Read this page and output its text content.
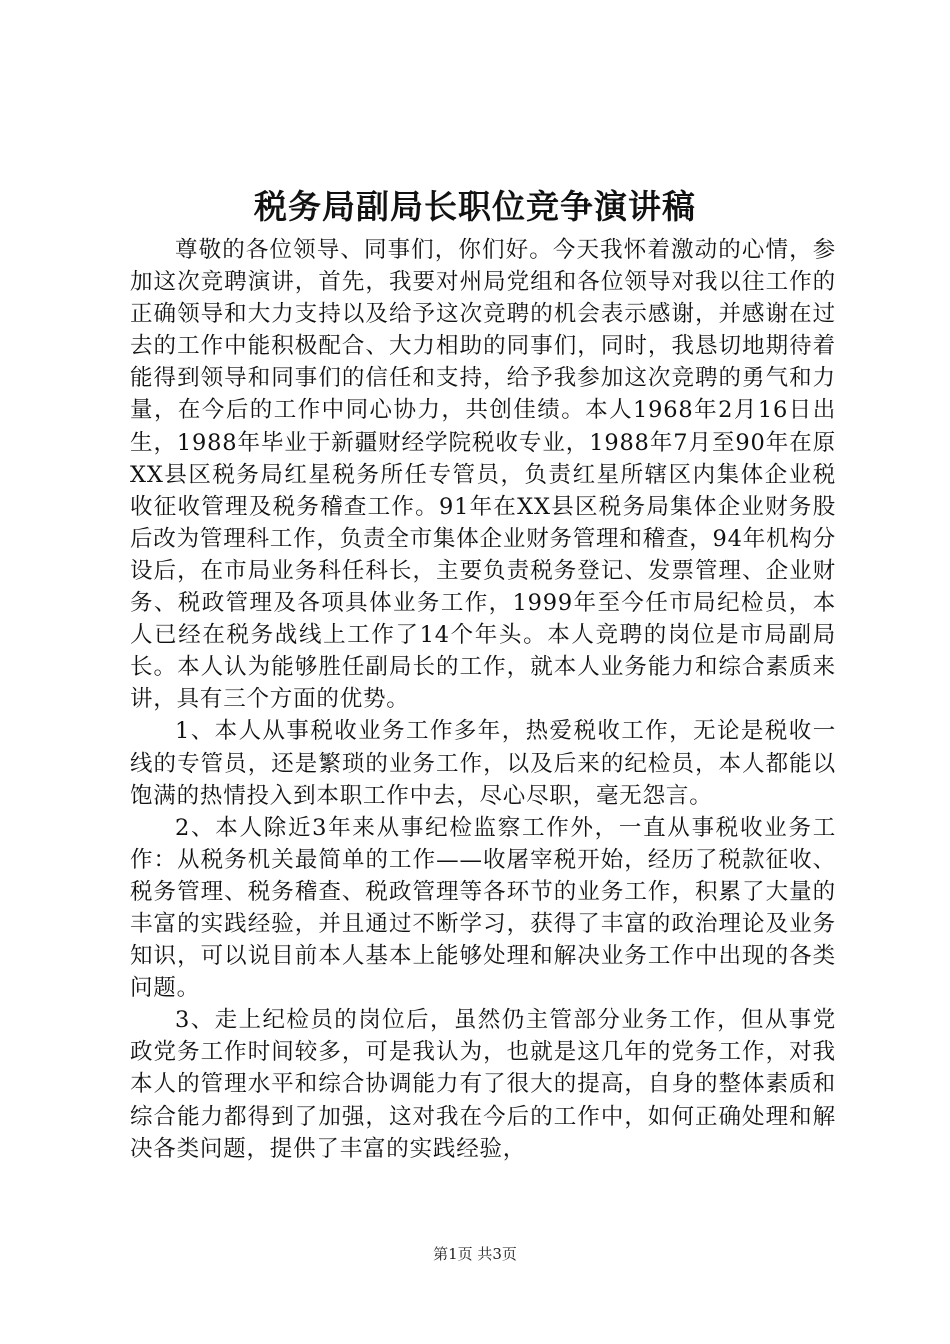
税务局副局长职位竞争演讲稿

尊敬的各位领导、同事们，你们好。今天我怀着激动的心情，参加这次竞聘演讲，首先，我要对州局党组和各位领导对我以往工作的正确领导和大力支持以及给予这次竞聘的机会表示感谢，并感谢在过去的工作中能积极配合、大力相助的同事们，同时，我恳切地期待着能得到领导和同事们的信任和支持，给予我参加这次竞聘的勇气和力量，在今后的工作中同心协力，共创佳绩。本人1968年2月16日出生，1988年毕业于新疆财经学院税收专业，1988年7月至90年在原XX县区税务局红星税务所任专管员，负责红星所辖区内集体企业税收征收管理及税务稽查工作。91年在XX县区税务局集体企业财务股后改为管理科工作，负责全市集体企业财务管理和稽查，94年机构分设后，在市局业务科任科长，主要负责税务登记、发票管理、企业财务、税政管理及各项具体业务工作，1999年至今任市局纪检员，本人已经在税务战线上工作了14个年头。本人竞聘的岗位是市局副局长。本人认为能够胜任副局长的工作，就本人业务能力和综合素质来讲，具有三个方面的优势。

1、本人从事税收业务工作多年，热爱税收工作，无论是税收一线的专管员，还是繁琐的业务工作，以及后来的纪检员，本人都能以饱满的热情投入到本职工作中去，尽心尽职，毫无怨言。

2、本人除近3年来从事纪检监察工作外，一直从事税收业务工作：从税务机关最简单的工作——收屠宰税开始，经历了税款征收、税务管理、税务稽查、税政管理等各环节的业务工作，积累了大量的丰富的实践经验，并且通过不断学习，获得了丰富的政治理论及业务知识，可以说目前本人基本上能够处理和解决业务工作中出现的各类问题。

3、走上纪检员的岗位后，虽然仍主管部分业务工作，但从事党政党务工作时间较多，可是我认为，也就是这几年的党务工作，对我本人的管理水平和综合协调能力有了很大的提高，自身的整体素质和综合能力都得到了加强，这对我在今后的工作中，如何正确处理和解决各类问题，提供了丰富的实践经验，

第1页 共3页
